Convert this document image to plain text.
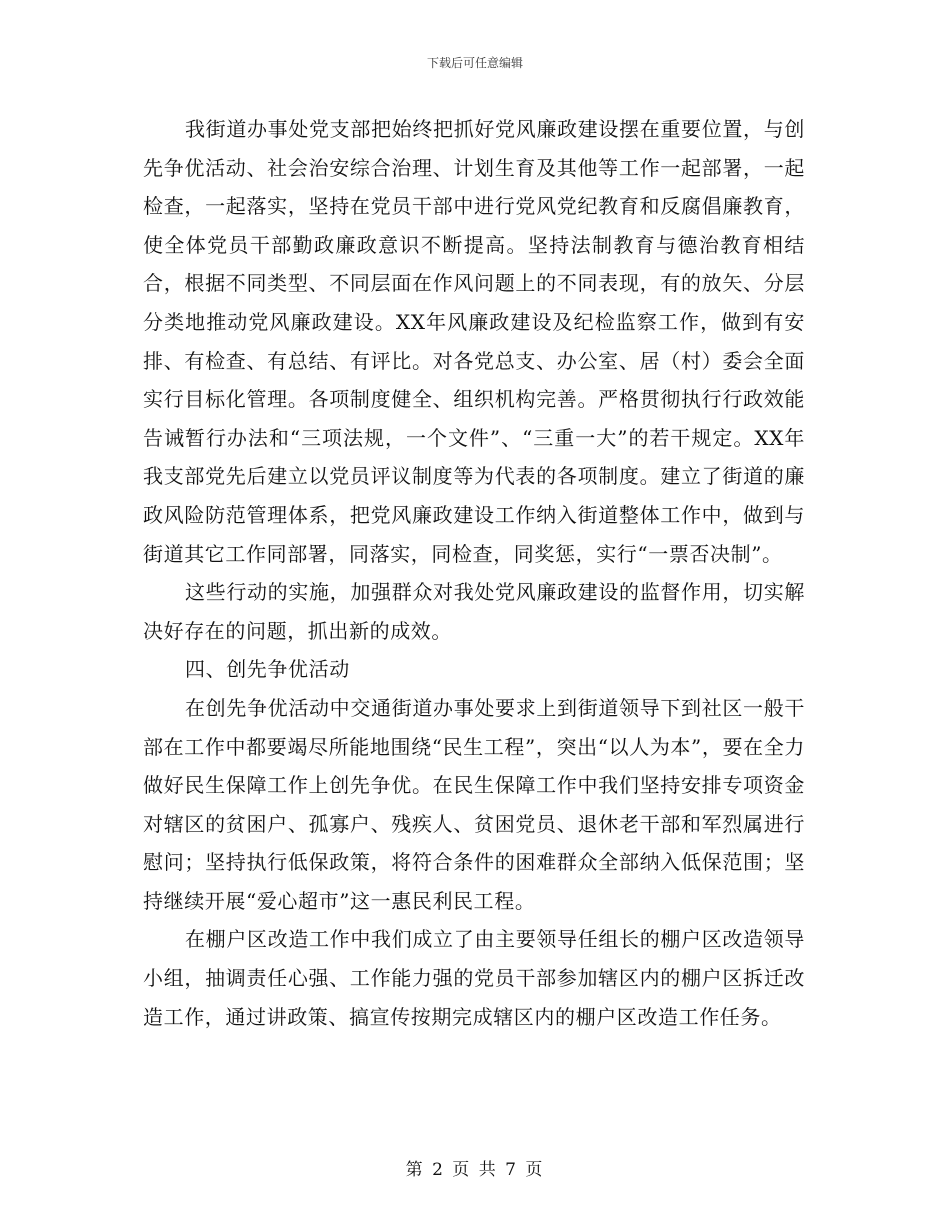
下载后可任意编辑

我街道办事处党支部把始终把抓好党风廉政建设摆在重要位置，与创先争优活动、社会治安综合治理、计划生育及其他等工作一起部署，一起检查，一起落实，坚持在党员干部中进行党风党纪教育和反腐倡廉教育，使全体党员干部勤政廉政意识不断提高。坚持法制教育与德治教育相结合，根据不同类型、不同层面在作风问题上的不同表现，有的放矢、分层分类地推动党风廉政建设。XX年风廉政建设及纪检监察工作，做到有安排、有检查、有总结、有评比。对各党总支、办公室、居（村）委会全面实行目标化管理。各项制度健全、组织机构完善。严格贯彻执行行政效能告诫暂行办法和“三项法规，一个文件”、“三重一大”的若干规定。XX年我支部党先后建立以党员评议制度等为代表的各项制度。建立了街道的廉政风险防范管理体系，把党风廉政建设工作纳入街道整体工作中，做到与街道其它工作同部署，同落实，同检查，同奖惩，实行“一票否决制”。

这些行动的实施，加强群众对我处党风廉政建设的监督作用，切实解决好存在的问题，抓出新的成效。

四、创先争优活动

在创先争优活动中交通街道办事处要求上到街道领导下到社区一般干部在工作中都要竭尽所能地围绕“民生工程”，突出“以人为本”，要在全力做好民生保障工作上创先争优。在民生保障工作中我们坚持安排专项资金对辖区的贫困户、孤寡户、残疾人、贫困党员、退休老干部和军烈属进行慰问；坚持执行低保政策，将符合条件的困难群众全部纳入低保范围；坚持继续开展“爱心超市”这一惠民利民工程。

在棚户区改造工作中我们成立了由主要领导任组长的棚户区改造领导小组，抽调责任心强、工作能力强的党员干部参加辖区内的棚户区拆迁改造工作，通过讲政策、搞宣传按期完成辖区内的棚户区改造工作任务。

第 2 页 共 7 页
